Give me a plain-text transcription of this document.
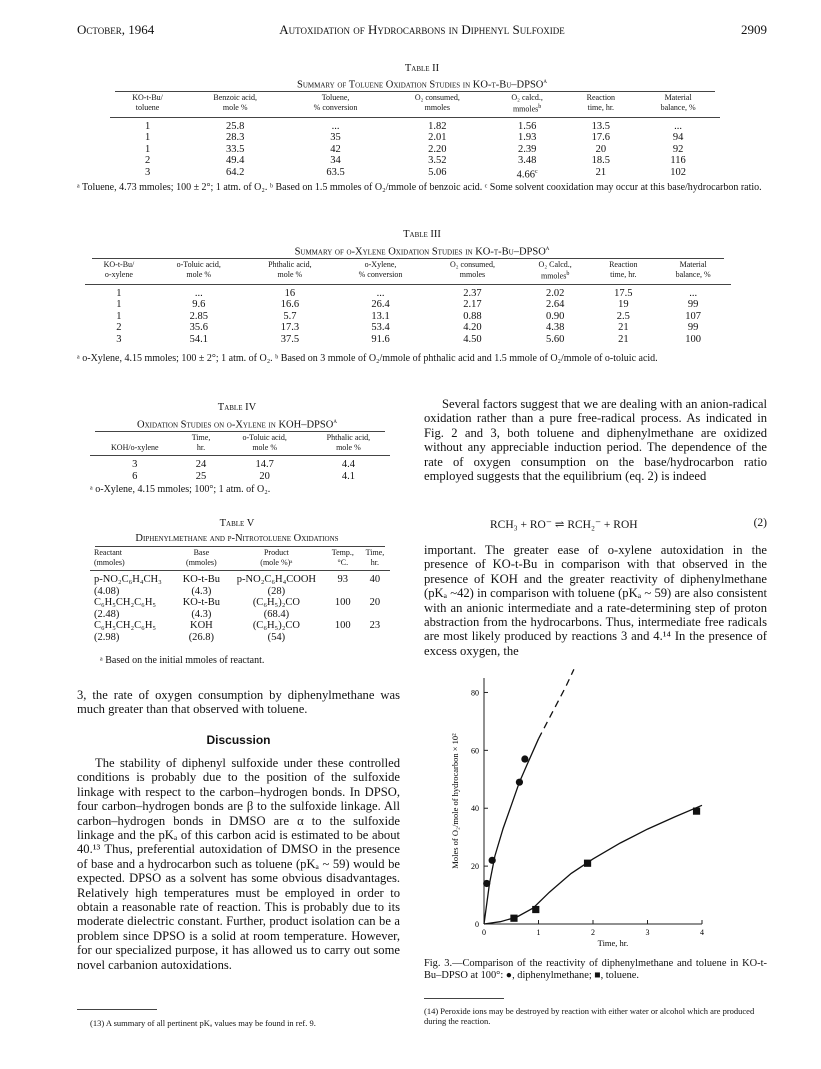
October, 1964	Autoxidation of Hydrocarbons in Diphenyl Sulfoxide	2909
Table II
Summary of Toluene Oxidation Studies in KO-t-Bu–DPSO$^a$
KO-t-Bu/	Benzoic acid,	Toluene,	O₂ consumed,	O₂ calcd.,	Reaction	Material
toluene	mole %	% conversion	mmoles	mmoles$^b$	time, hr.	balance, %
1	25.8	...	1.82	1.56	13.5	...
1	28.3	35	2.01	1.93	17.6	94
1	33.5	42	2.20	2.39	20	92
2	49.4	34	3.52	3.48	18.5	116
3	64.2	63.5	5.06	4.66$^c$	21	102
ᵃ Toluene, 4.73 mmoles; 100 ± 2°; 1 atm. of O₂. ᵇ Based on 1.5 mmoles of O₂/mmole of benzoic acid. ᶜ Some solvent cooxidation may occur at this base/hydrocarbon ratio.
Table III
Summary of o-Xylene Oxidation Studies in KO-t-Bu–DPSO$^a$
KO-t-Bu/	o-Toluic acid,	Phthalic acid,	o-Xylene,	O₂ consumed,	O₂ Calcd.,	Reaction	Material
o-xylene	mole %	mole %	% conversion	mmoles	mmoles$^b$	time, hr.	balance, %
1	...	16	...	2.37	2.02	17.5	...
1	9.6	16.6	26.4	2.17	2.64	19	99
1	2.85	5.7	13.1	0.88	0.90	2.5	107
2	35.6	17.3	53.4	4.20	4.38	21	99
3	54.1	37.5	91.6	4.50	5.60	21	100
ᵃ o-Xylene, 4.15 mmoles; 100 ± 2°; 1 atm. of O₂. ᵇ Based on 3 mmole of O₂/mmole of phthalic acid and 1.5 mmole of O₂/mmole of o-toluic acid.
Table IV
Oxidation Studies on o-Xylene in KOH–DPSO$^a$
	Time,	o-Toluic acid,	Phthalic acid,
KOH/o-xylene	hr.	mole %	mole %
3	24	14.7	4.4
6	25	20	4.1
ᵃ o-Xylene, 4.15 mmoles; 100°; 1 atm. of O₂.
Table V
Diphenylmethane and p-Nitrotoluene Oxidations
Reactant	Base	Product	Temp.,	Time,
(mmoles)	(mmoles)	(mole %)ᵃ	°C.	hr.
p-NO₂C₆H₄CH₃	KO-t-Bu	p-NO₂C₆H₄COOH	93	40
(4.08)	(4.3)	(28)		
C₆H₅CH₂C₆H₅	KO-t-Bu	(C₆H₅)₂CO	100	20
(2.48)	(4.3)	(68.4)		
C₆H₅CH₂C₆H₅	KOH	(C₆H₅)₂CO	100	23
(2.98)	(26.8)	(54)		
ᵃ Based on the initial mmoles of reactant.
3, the rate of oxygen consumption by diphenylmethane was much greater than that observed with toluene.
Discussion
The stability of diphenyl sulfoxide under these controlled conditions is probably due to the position of the sulfoxide linkage with respect to the carbon–hydrogen bonds. In DPSO, four carbon–hydrogen bonds are β to the sulfoxide linkage. All carbon–hydrogen bonds in DMSO are α to the sulfoxide linkage and the pKₐ of this carbon acid is estimated to be about 40.¹³ Thus, preferential autoxidation of DMSO in the presence of base and a hydrocarbon such as toluene (pKₐ ~ 59) would be expected. DPSO as a solvent has some obvious disadvantages. Relatively high temperatures must be employed in order to obtain a reasonable rate of reaction. This is probably due to its moderate dielectric constant. Further, product isolation can be a problem since DPSO is a solid at room temperature. However, for our specialized purpose, it has allowed us to carry out some novel carbanion autoxidations.
(13) A summary of all pertinent pKₐ values may be found in ref. 9.
Several factors suggest that we are dealing with an anion-radical oxidation rather than a pure free-radical process. As indicated in Fig. 2 and 3, both toluene and diphenylmethane are oxidized without any appreciable induction period. The dependence of the rate of oxygen consumption on the base/hydrocarbon ratio employed suggests that the equilibrium (eq. 2) is indeed
RCH₃ + RO⁻ ⇌ RCH₂⁻ + ROH	(2)
important. The greater ease of o-xylene autoxidation in the presence of KO-t-Bu in comparison with that observed in the presence of KOH and the greater reactivity of diphenylmethane (pKₐ ~42) in comparison with toluene (pKₐ ~ 59) are also consistent with an anionic intermediate and a rate-determining step of proton abstraction from the hydrocarbons. Thus, intermediate free radicals are most likely produced by reactions 3 and 4.¹⁴ In the presence of excess oxygen, the
0	1	2	3	4
0
20
40
60
80
Time, hr.
Moles of O₂/mole of hydrocarbon × 10²
Fig. 3.—Comparison of the reactivity of diphenylmethane and toluene in KO-t-Bu–DPSO at 100°: ●, diphenylmethane; ■, toluene.
(14) Peroxide ions may be destroyed by reaction with either water or alcohol which are produced during the reaction.
